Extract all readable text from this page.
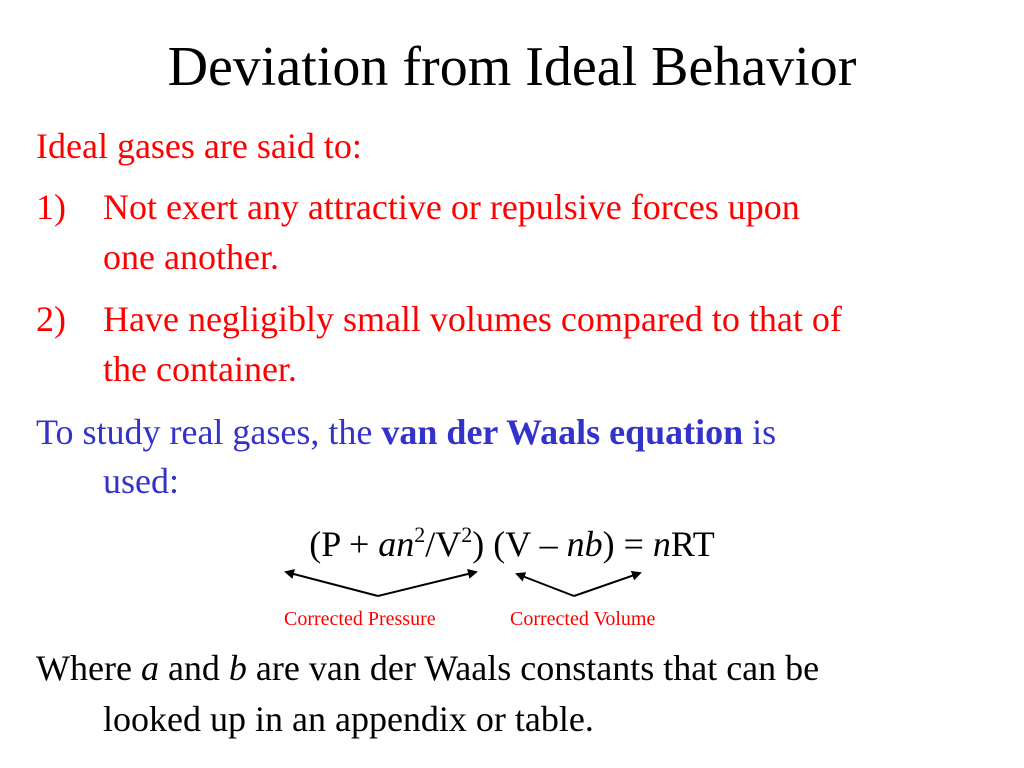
Deviation from Ideal Behavior
Ideal gases are said to:
1) Not exert any attractive or repulsive forces upon
one another.
2) Have negligibly small volumes compared to that of
the container.
To study real gases, the van der Waals equation is
used:
$(P + an^2/V^2)$ (V – nb) = nRT
Corrected Pressure	Corrected Volume
Where a and b are van der Waals constants that can be
looked up in an appendix or table.
